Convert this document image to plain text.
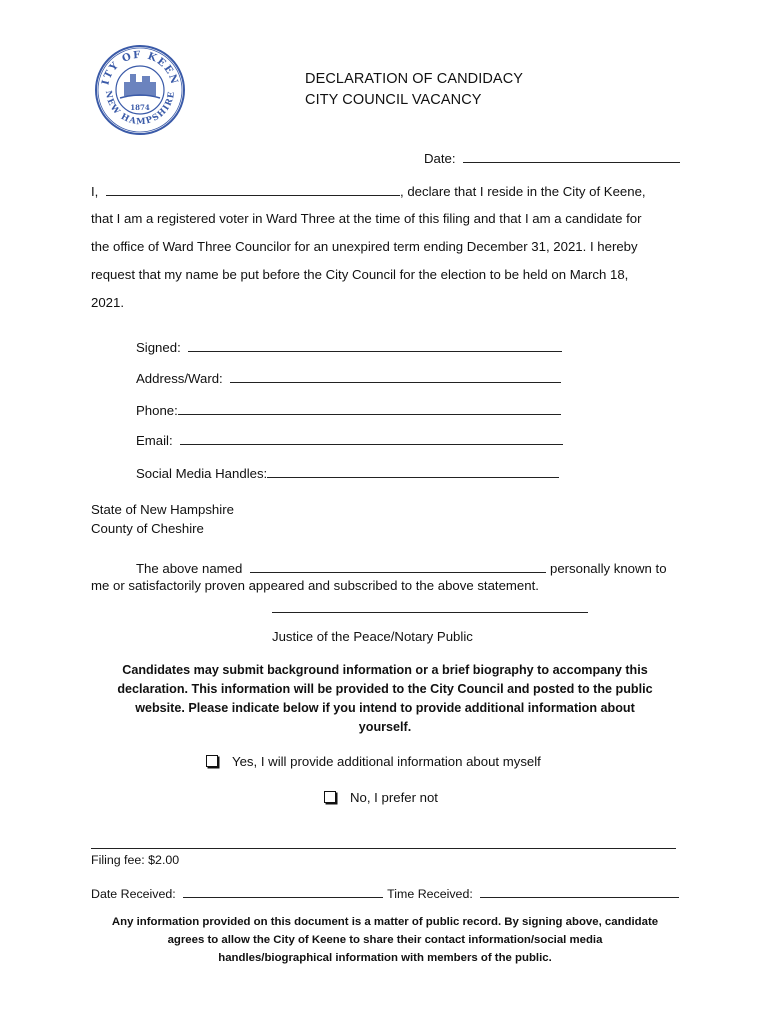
ITY OF KEEN
NEW HAMPSHIRE
1874
DECLARATION OF CANDIDACY
CITY COUNCIL VACANCY
Date:
I,	, declare that I reside in the City of Keene,
that I am a registered voter in Ward Three at the time of this filing and that I am a candidate for
the office of Ward Three Councilor for an unexpired term ending December 31, 2021. I hereby
request that my name be put before the City Council for the election to be held on March 18,
2021.
Signed:
Address/Ward:
Phone:
Email:
Social Media Handles:
State of New Hampshire
County of Cheshire
The above named	personally known to
me or satisfactorily proven appeared and subscribed to the above statement.
Justice of the Peace/Notary Public
Candidates may submit background information or a brief biography to accompany this
declaration. This information will be provided to the City Council and posted to the public
website. Please indicate below if you intend to provide additional information about
yourself.
Yes, I will provide additional information about myself
No, I prefer not
Filing fee: $2.00
Date Received:	Time Received:
Any information provided on this document is a matter of public record. By signing above, candidate
agrees to allow the City of Keene to share their contact information/social media
handles/biographical information with members of the public.
